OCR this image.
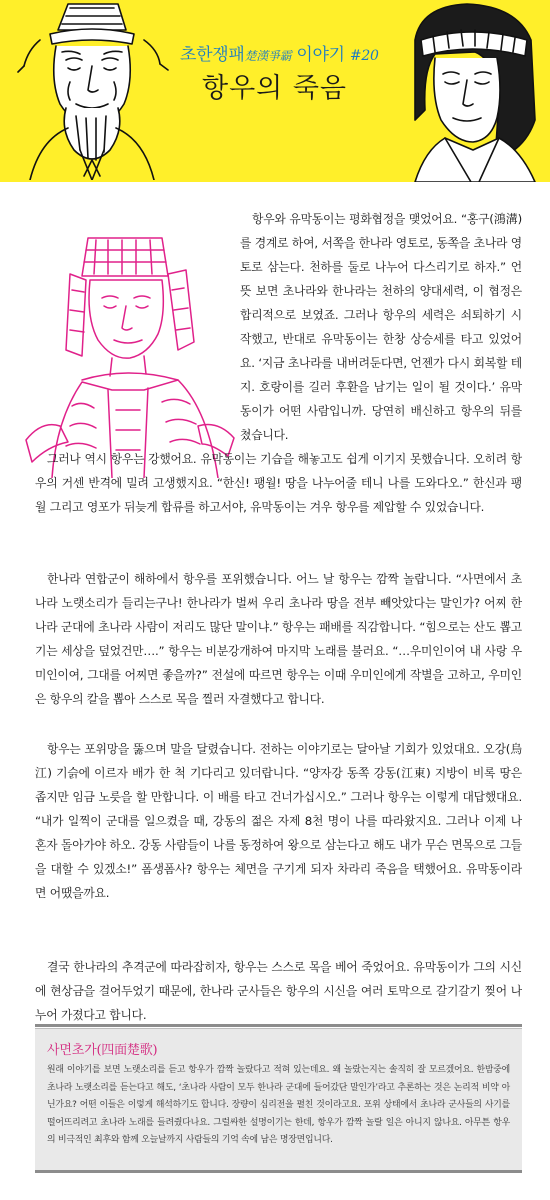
초한쟁패楚漢爭霸 이야기 #20
항우의 죽음

항우와 유막동이는 평화협정을 맺었어요. “홍구(鴻溝)를 경계로 하여, 서쪽을 한나라 영토로, 동쪽을 초나라 영토로 삼는다. 천하를 둘로 나누어 다스리기로 하자.” 언뜻 보면 초나라와 한나라는 천하의 양대세력, 이 협정은 합리적으로 보였죠. 그러나 항우의 세력은 쇠퇴하기 시작했고, 반대로 유막동이는 한창 상승세를 타고 있었어요. ‘지금 초나라를 내버려둔다면, 언젠가 다시 회복할 테지. 호랑이를 길러 후환을 남기는 일이 될 것이다.’ 유막동이가 어떤 사람입니까. 당연히 배신하고 항우의 뒤를 쳤습니다.

그러나 역시 항우는 강했어요. 유막동이는 기습을 해놓고도 쉽게 이기지 못했습니다. 오히려 항우의 거센 반격에 밀려 고생했지요. “한신! 팽월! 땅을 나누어줄 테니 나를 도와다오.” 한신과 팽월 그리고 영포가 뒤늦게 합류를 하고서야, 유막동이는 겨우 항우를 제압할 수 있었습니다.

한나라 연합군이 해하에서 항우를 포위했습니다. 어느 날 항우는 깜짝 놀랍니다. “사면에서 초나라 노랫소리가 들리는구나! 한나라가 벌써 우리 초나라 땅을 전부 빼앗았다는 말인가? 어찌 한나라 군대에 초나라 사람이 저리도 많단 말이냐.” 항우는 패배를 직감합니다. “힘으로는 산도 뽑고 기는 세상을 덮었건만….” 항우는 비분강개하여 마지막 노래를 불러요. “…우미인이여 내 사랑 우미인이여, 그대를 어찌면 좋을까?” 전설에 따르면 항우는 이때 우미인에게 작별을 고하고, 우미인은 항우의 칼을 뽑아 스스로 목을 찔러 자결했다고 합니다.

항우는 포위망을 뚫으며 말을 달렸습니다. 전하는 이야기로는 달아날 기회가 있었대요. 오강(烏江) 기슭에 이르자 배가 한 척 기다리고 있더랍니다. “양자강 동쪽 강동(江東) 지방이 비록 땅은 좁지만 임금 노릇을 할 만합니다. 이 배를 타고 건너가십시오.” 그러나 항우는 이렇게 대답했대요. “내가 일찍이 군대를 일으켰을 때, 강동의 젊은 자제 8천 명이 나를 따라왔지요. 그러나 이제 나 혼자 돌아가야 하오. 강동 사람들이 나를 동정하여 왕으로 삼는다고 해도 내가 무슨 면목으로 그들을 대할 수 있겠소!” 폼생폼사? 항우는 체면을 구기게 되자 차라리 죽음을 택했어요. 유막동이라면 어땠을까요.

결국 한나라의 추격군에 따라잡히자, 항우는 스스로 목을 베어 죽었어요. 유막동이가 그의 시신에 현상금을 걸어두었기 때문에, 한나라 군사들은 항우의 시신을 여러 토막으로 갈기갈기 찢어 나누어 가졌다고 합니다.

사면초가(四面楚歌)
원래 이야기를 보면 노랫소리를 듣고 항우가 깜짝 놀랐다고 적혀 있는데요. 왜 놀랐는지는 솔직히 잘 모르겠어요. 한밤중에 초나라 노랫소리를 듣는다고 해도, ‘초나라 사람이 모두 한나라 군대에 들어갔단 말인가’라고 추론하는 것은 논리적 비약 아닌가요? 어떤 이들은 이렇게 해석하기도 합니다. 장량이 심리전을 펼친 것이라고요. 포위 상태에서 초나라 군사들의 사기를 떨어뜨리려고 초나라 노래를 들려줬다나요. 그럴싸한 설명이기는 한데, 항우가 깜짝 놀랄 일은 아니지 않나요. 아무튼 항우의 비극적인 최후와 함께 오늘날까지 사람들의 기억 속에 남은 명장면입니다.
